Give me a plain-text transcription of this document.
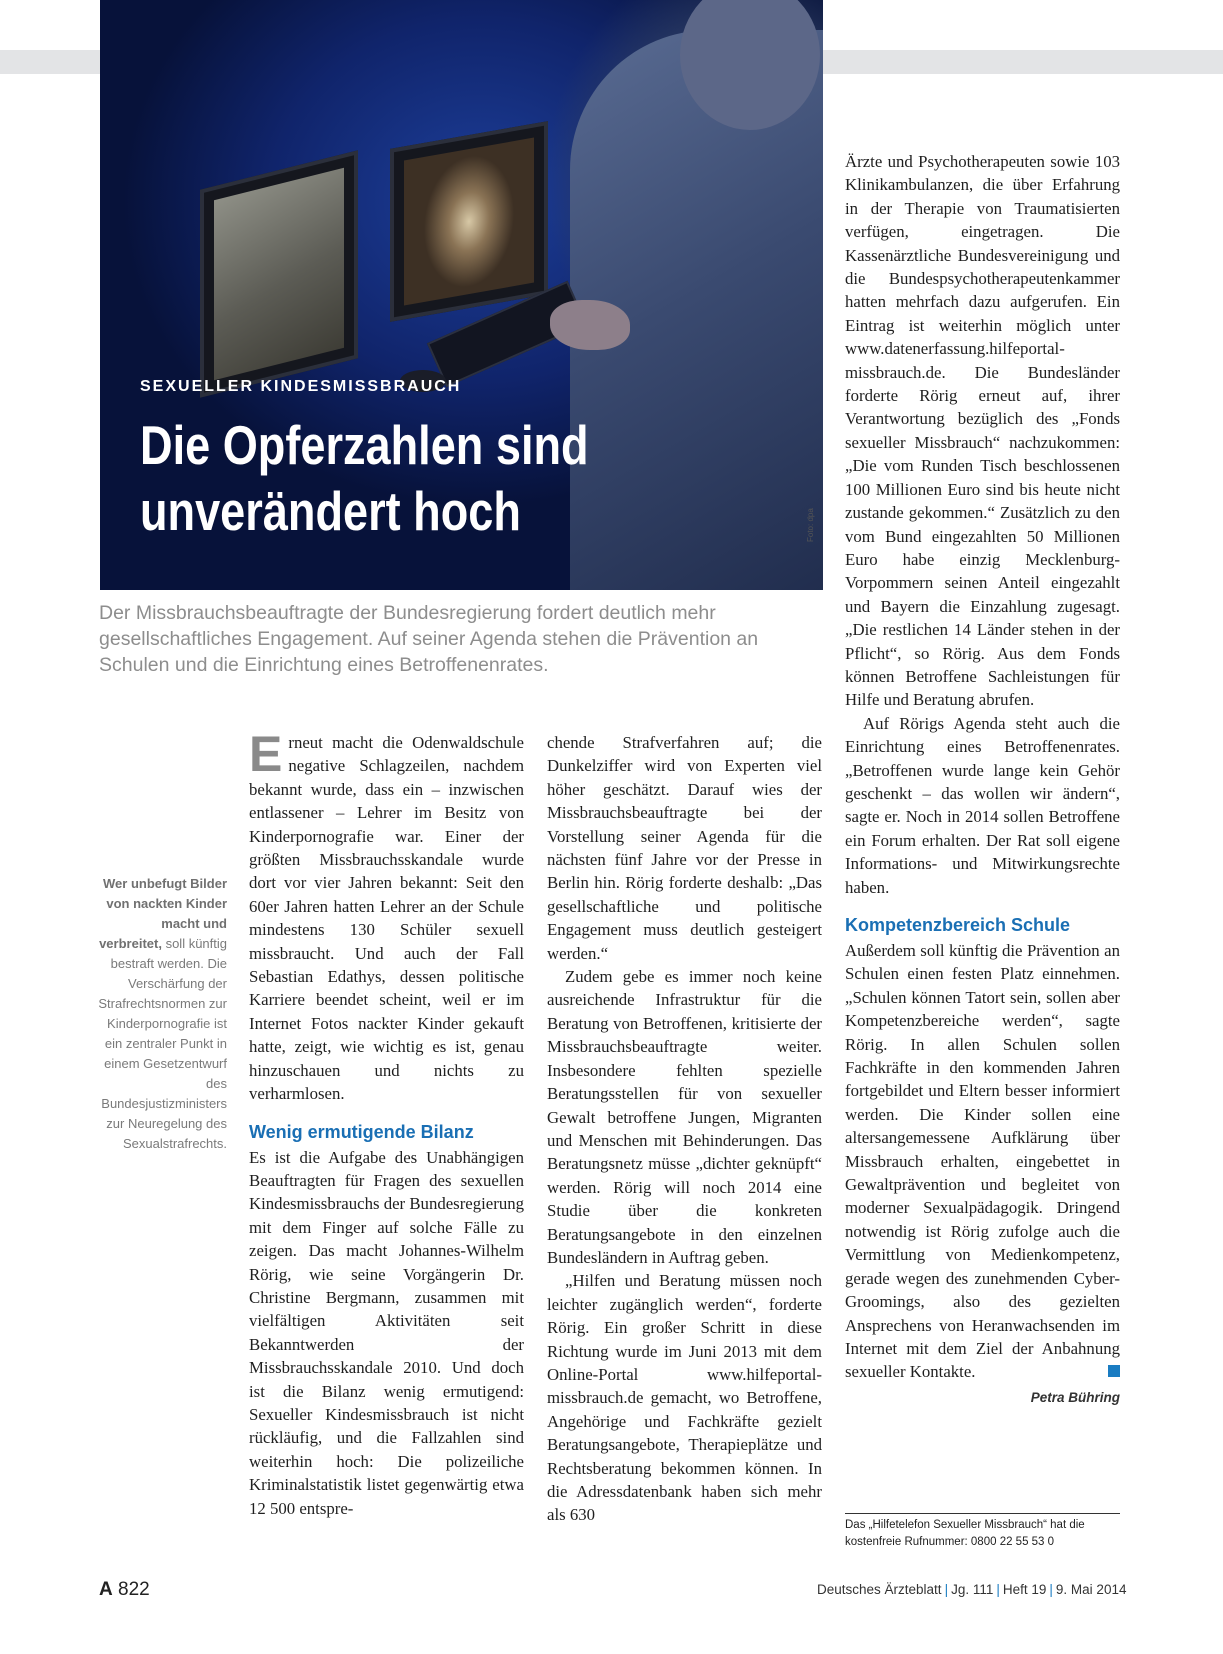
SEXUELLER KINDESMISSBRAUCH

Die Opferzahlen sind
unverändert hoch	Foto: dpa

Der Missbrauchsbeauftragte der Bundesregierung fordert deutlich mehr gesellschaftliches Engagement. Auf seiner Agenda stehen die Prävention an Schulen und die Einrichtung eines Betroffenenrates.

Wer unbefugt Bilder von nackten Kinder macht und verbreitet, soll künftig bestraft werden. Die Verschärfung der Strafrechtsnormen zur Kinderpornografie ist ein zentraler Punkt in einem Gesetzentwurf des Bundesjustizministers zur Neuregelung des Sexualstrafrechts.

Erneut macht die Odenwaldschule negative Schlagzeilen, nachdem bekannt wurde, dass ein – inzwischen entlassener – Lehrer im Besitz von Kinderpornografie war. Einer der größten Missbrauchsskandale wurde dort vor vier Jahren bekannt: Seit den 60er Jahren hatten Lehrer an der Schule mindestens 130 Schüler sexuell missbraucht. Und auch der Fall Sebastian Edathys, dessen politische Karriere beendet scheint, weil er im Internet Fotos nackter Kinder gekauft hatte, zeigt, wie wichtig es ist, genau hinzuschauen und nichts zu verharmlosen.

Wenig ermutigende Bilanz

Es ist die Aufgabe des Unabhängigen Beauftragten für Fragen des sexuellen Kindesmissbrauchs der Bundesregierung mit dem Finger auf solche Fälle zu zeigen. Das macht Johannes-Wilhelm Rörig, wie seine Vorgängerin Dr. Christine Bergmann, zusammen mit vielfältigen Aktivitäten seit Bekanntwerden der Missbrauchsskandale 2010. Und doch ist die Bilanz wenig ermutigend: Sexueller Kindesmissbrauch ist nicht rückläufig, und die Fallzahlen sind weiterhin hoch: Die polizeiliche Kriminalstatistik listet gegenwärtig etwa 12 500 entspre-

chende Strafverfahren auf; die Dunkelziffer wird von Experten viel höher geschätzt. Darauf wies der Missbrauchsbeauftragte bei der Vorstellung seiner Agenda für die nächsten fünf Jahre vor der Presse in Berlin hin. Rörig forderte deshalb: „Das gesellschaftliche und politische Engagement muss deutlich gesteigert werden.“

Zudem gebe es immer noch keine ausreichende Infrastruktur für die Beratung von Betroffenen, kritisierte der Missbrauchsbeauftragte weiter. Insbesondere fehlten spezielle Beratungsstellen für von sexueller Gewalt betroffene Jungen, Migranten und Menschen mit Behinderungen. Das Beratungsnetz müsse „dichter geknüpft“ werden. Rörig will noch 2014 eine Studie über die konkreten Beratungsangebote in den einzelnen Bundesländern in Auftrag geben.

„Hilfen und Beratung müssen noch leichter zugänglich werden“, forderte Rörig. Ein großer Schritt in diese Richtung wurde im Juni 2013 mit dem Online-Portal www.hilfeportal-missbrauch.de gemacht, wo Betroffene, Angehörige und Fachkräfte gezielt Beratungsangebote, Therapieplätze und Rechtsberatung bekommen können. In die Adressdatenbank haben sich mehr als 630

Ärzte und Psychotherapeuten sowie 103 Klinikambulanzen, die über Erfahrung in der Therapie von Traumatisierten verfügen, eingetragen. Die Kassenärztliche Bundesvereinigung und die Bundespsychotherapeutenkammer hatten mehrfach dazu aufgerufen. Ein Eintrag ist weiterhin möglich unter www.datenerfassung.hilfeportal-missbrauch.de. Die Bundesländer forderte Rörig erneut auf, ihrer Verantwortung bezüglich des „Fonds sexueller Missbrauch“ nachzukommen: „Die vom Runden Tisch beschlossenen 100 Millionen Euro sind bis heute nicht zustande gekommen.“ Zusätzlich zu den vom Bund eingezahlten 50 Millionen Euro habe einzig Mecklenburg-Vorpommern seinen Anteil eingezahlt und Bayern die Einzahlung zugesagt. „Die restlichen 14 Länder stehen in der Pflicht“, so Rörig. Aus dem Fonds können Betroffene Sachleistungen für Hilfe und Beratung abrufen.

Auf Rörigs Agenda steht auch die Einrichtung eines Betroffenenrates. „Betroffenen wurde lange kein Gehör geschenkt – das wollen wir ändern“, sagte er. Noch in 2014 sollen Betroffene ein Forum erhalten. Der Rat soll eigene Informations- und Mitwirkungsrechte haben.

Kompetenzbereich Schule

Außerdem soll künftig die Prävention an Schulen einen festen Platz einnehmen. „Schulen können Tatort sein, sollen aber Kompetenzbereiche werden“, sagte Rörig. In allen Schulen sollen Fachkräfte in den kommenden Jahren fortgebildet und Eltern besser informiert werden. Die Kinder sollen eine altersangemessene Aufklärung über Missbrauch erhalten, eingebettet in Gewaltprävention und begleitet von moderner Sexualpädagogik. Dringend notwendig ist Rörig zufolge auch die Vermittlung von Medienkompetenz, gerade wegen des zunehmenden Cyber-Groomings, also des gezielten Ansprechens von Heranwachsenden im Internet mit dem Ziel der Anbahnung sexueller Kontakte.

Petra Bühring

Das „Hilfetelefon Sexueller Missbrauch“ hat die kostenfreie Rufnummer: 0800 22 55 53 0

A 822	Deutsches Ärzteblatt | Jg. 111 | Heft 19 | 9. Mai 2014
